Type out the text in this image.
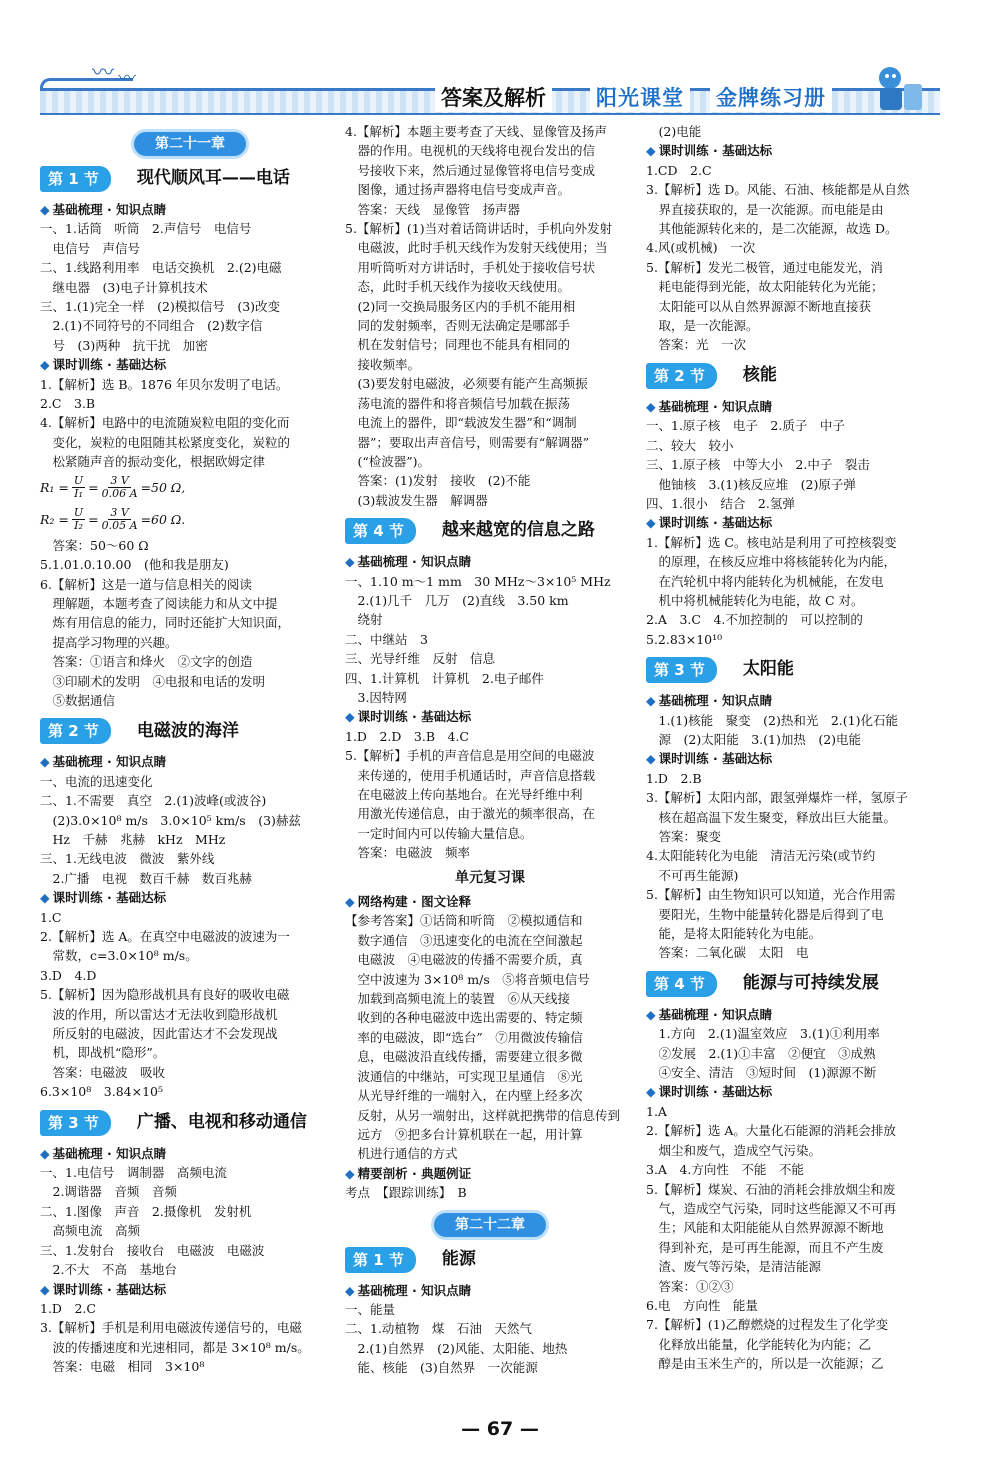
〰 〰
答案及解析 阳光课堂 金牌练习册
第二十一章
第 1 节	现代顺风耳——电话
◆ 基础梳理 · 知识点睛
一、1.话筒　听筒　2.声信号　电信号
　电信号　声信号
二、1.线路利用率　电话交换机　2.(2)电磁
　继电器　(3)电子计算机技术
三、1.(1)完全一样　(2)模拟信号　(3)改变
　2.(1)不同符号的不同组合　(2)数字信
　号　(3)两种　抗干扰　加密
◆ 课时训练 · 基础达标
1.【解析】选 B。1876 年贝尔发明了电话。
2.C　3.B
4.【解析】电路中的电流随炭粒电阻的变化而
　变化，炭粒的电阻随其松紧度变化，炭粒的
　松紧随声音的振动变化，根据欧姆定律
$R_1 = \frac{U}{\text{I₁}} = \frac{3 V}{0.06 A} =50$ Ω,
$R_2 = \frac{U}{\text{I₂}} = \frac{3 V}{0.05 A} =60$ Ω.
　答案：50～60 Ω
5.1.01.0.10.00　(他和我是朋友)
6.【解析】这是一道与信息相关的阅读
　理解题，本题考查了阅读能力和从文中提
　炼有用信息的能力，同时还能扩大知识面，
　提高学习物理的兴趣。
　答案：①语言和烽火　②文字的创造
　③印刷术的发明　④电报和电话的发明
　⑤数据通信
第 2 节	电磁波的海洋
◆ 基础梳理 · 知识点睛
一、电流的迅速变化
二、1.不需要　真空　2.(1)波峰(或波谷)
　(2)3.0×10⁸ m/s　3.0×10⁵ km/s　(3)赫兹
　Hz　千赫　兆赫　kHz　MHz
三、1.无线电波　微波　紫外线
　2.广播　电视　数百千赫　数百兆赫
◆ 课时训练 · 基础达标
1.C
2.【解析】选 A。在真空中电磁波的波速为一
　常数，c=3.0×10⁸ m/s。
3.D　4.D
5.【解析】因为隐形战机具有良好的吸收电磁
　波的作用，所以雷达才无法收到隐形战机
　所反射的电磁波，因此雷达才不会发现战
　机，即战机“隐形”。
　答案：电磁波　吸收
6.3×10⁸　3.84×10⁵
第 3 节	广播、电视和移动通信
◆ 基础梳理 · 知识点睛
一、1.电信号　调制器　高频电流
　2.调谐器　音频　音频
二、1.图像　声音　2.摄像机　发射机
　高频电流　高频
三、1.发射台　接收台　电磁波　电磁波
　2.不大　不高　基地台
◆ 课时训练 · 基础达标
1.D　2.C
3.【解析】手机是利用电磁波传递信号的，电磁
　波的传播速度和光速相同，都是 3×10⁸ m/s。
　答案：电磁　相同　3×10⁸
4.【解析】本题主要考查了天线、显像管及扬声
　器的作用。电视机的天线将电视台发出的信
　号接收下来，然后通过显像管将电信号变成
　图像，通过扬声器将电信号变成声音。
　答案：天线　显像管　扬声器
5.【解析】(1)当对着话筒讲话时，手机向外发射
　电磁波，此时手机天线作为发射天线使用；当
　用听筒听对方讲话时，手机处于接收信号状
　态，此时手机天线作为接收天线使用。
　(2)同一交换局服务区内的手机不能用相
　同的发射频率，否则无法确定是哪部手
　机在发射信号；同理也不能具有相同的
　接收频率。
　(3)要发射电磁波，必须要有能产生高频振
　荡电流的器件和将音频信号加载在振荡
　电流上的器件，即“载波发生器”和“调制
　器”；要取出声音信号，则需要有“解调器”
　(“检波器”)。
　答案：(1)发射　接收　(2)不能
　(3)载波发生器　解调器
第 4 节	越来越宽的信息之路
◆ 基础梳理 · 知识点睛
一、1.10 m～1 mm　30 MHz～3×10⁵ MHz
　2.(1)几千　几万　(2)直线　3.50 km
　绕射
二、中继站　3
三、光导纤维　反射　信息
四、1.计算机　计算机　2.电子邮件
　3.因特网
◆ 课时训练 · 基础达标
1.D　2.D　3.B　4.C
5.【解析】手机的声音信息是用空间的电磁波
　来传递的，使用手机通话时，声音信息搭载
　在电磁波上传向基地台。在光导纤维中利
　用激光传递信息，由于激光的频率很高，在
　一定时间内可以传输大量信息。
　答案：电磁波　频率
单元复习课
◆ 网络构建 · 图文诠释
【参考答案】①话筒和听筒　②模拟通信和
　数字通信　③迅速变化的电流在空间激起
　电磁波　④电磁波的传播不需要介质，真
　空中波速为 3×10⁸ m/s　⑤将音频电信号
　加载到高频电流上的装置　⑥从天线接
　收到的各种电磁波中选出需要的、特定频
　率的电磁波，即“选台”　⑦用微波传输信
　息，电磁波沿直线传播，需要建立很多微
　波通信的中继站，可实现卫星通信　⑧光
　从光导纤维的一端射入，在内壁上经多次
　反射，从另一端射出，这样就把携带的信息传到
　远方　⑨把多台计算机联在一起，用计算
　机进行通信的方式
◆ 精要剖析 · 典题例证
考点　【跟踪训练】　B
第二十二章
第 1 节	能源
◆ 基础梳理 · 知识点睛
一、能量
二、1.动植物　煤　石油　天然气
　2.(1)自然界　(2)风能、太阳能、地热
　能、核能　(3)自然界　一次能源
　(2)电能
◆ 课时训练 · 基础达标
1.CD　2.C
3.【解析】选 D。风能、石油、核能都是从自然
　界直接获取的，是一次能源。而电能是由
　其他能源转化来的，是二次能源，故选 D。
4.风(或机械)　一次
5.【解析】发光二极管，通过电能发光，消
　耗电能得到光能，故太阳能转化为光能；
　太阳能可以从自然界源源不断地直接获
　取，是一次能源。
　答案：光　一次
第 2 节	核能
◆ 基础梳理 · 知识点睛
一、1.原子核　电子　2.质子　中子
二、较大　较小
三、1.原子核　中等大小　2.中子　裂击
　他铀核　3.(1)核反应堆　(2)原子弹
四、1.很小　结合　2.氢弹
◆ 课时训练 · 基础达标
1.【解析】选 C。核电站是利用了可控核裂变
　的原理，在核反应堆中将核能转化为内能，
　在汽轮机中将内能转化为机械能，在发电
　机中将机械能转化为电能，故 C 对。
2.A　3.C　4.不加控制的　可以控制的
5.2.83×10¹⁰
第 3 节	太阳能
◆ 基础梳理 · 知识点睛
　1.(1)核能　聚变　(2)热和光　2.(1)化石能
　源　(2)太阳能　3.(1)加热　(2)电能
◆ 课时训练 · 基础达标
1.D　2.B
3.【解析】太阳内部，跟氢弹爆炸一样，氢原子
　核在超高温下发生聚变，释放出巨大能量。
　答案：聚变
4.太阳能转化为电能　清洁无污染(或节约
　不可再生能源)
5.【解析】由生物知识可以知道，光合作用需
　要阳光，生物中能量转化器是后得到了电
　能，是将太阳能转化为电能。
　答案：二氧化碳　太阳　电
第 4 节	能源与可持续发展
◆ 基础梳理 · 知识点睛
　1.方向　2.(1)温室效应　3.(1)①利用率
　②发展　2.(1)①丰富　②便宜　③成熟
　④安全、清洁　③短时间　(1)源源不断
◆ 课时训练 · 基础达标
1.A
2.【解析】选 A。大量化石能源的消耗会排放
　烟尘和废气，造成空气污染。
3.A　4.方向性　不能　不能
5.【解析】煤炭、石油的消耗会排放烟尘和废
　气，造成空气污染，同时这些能源又不可再
　生；风能和太阳能能从自然界源源不断地
　得到补充，是可再生能源，而且不产生废
　渣、废气等污染，是清洁能源
　答案：①②③
6.电　方向性　能量
7.【解析】(1)乙醇燃烧的过程发生了化学变
　化释放出能量，化学能转化为内能；乙
　醇是由玉米生产的，所以是一次能源；乙
— 67 —
